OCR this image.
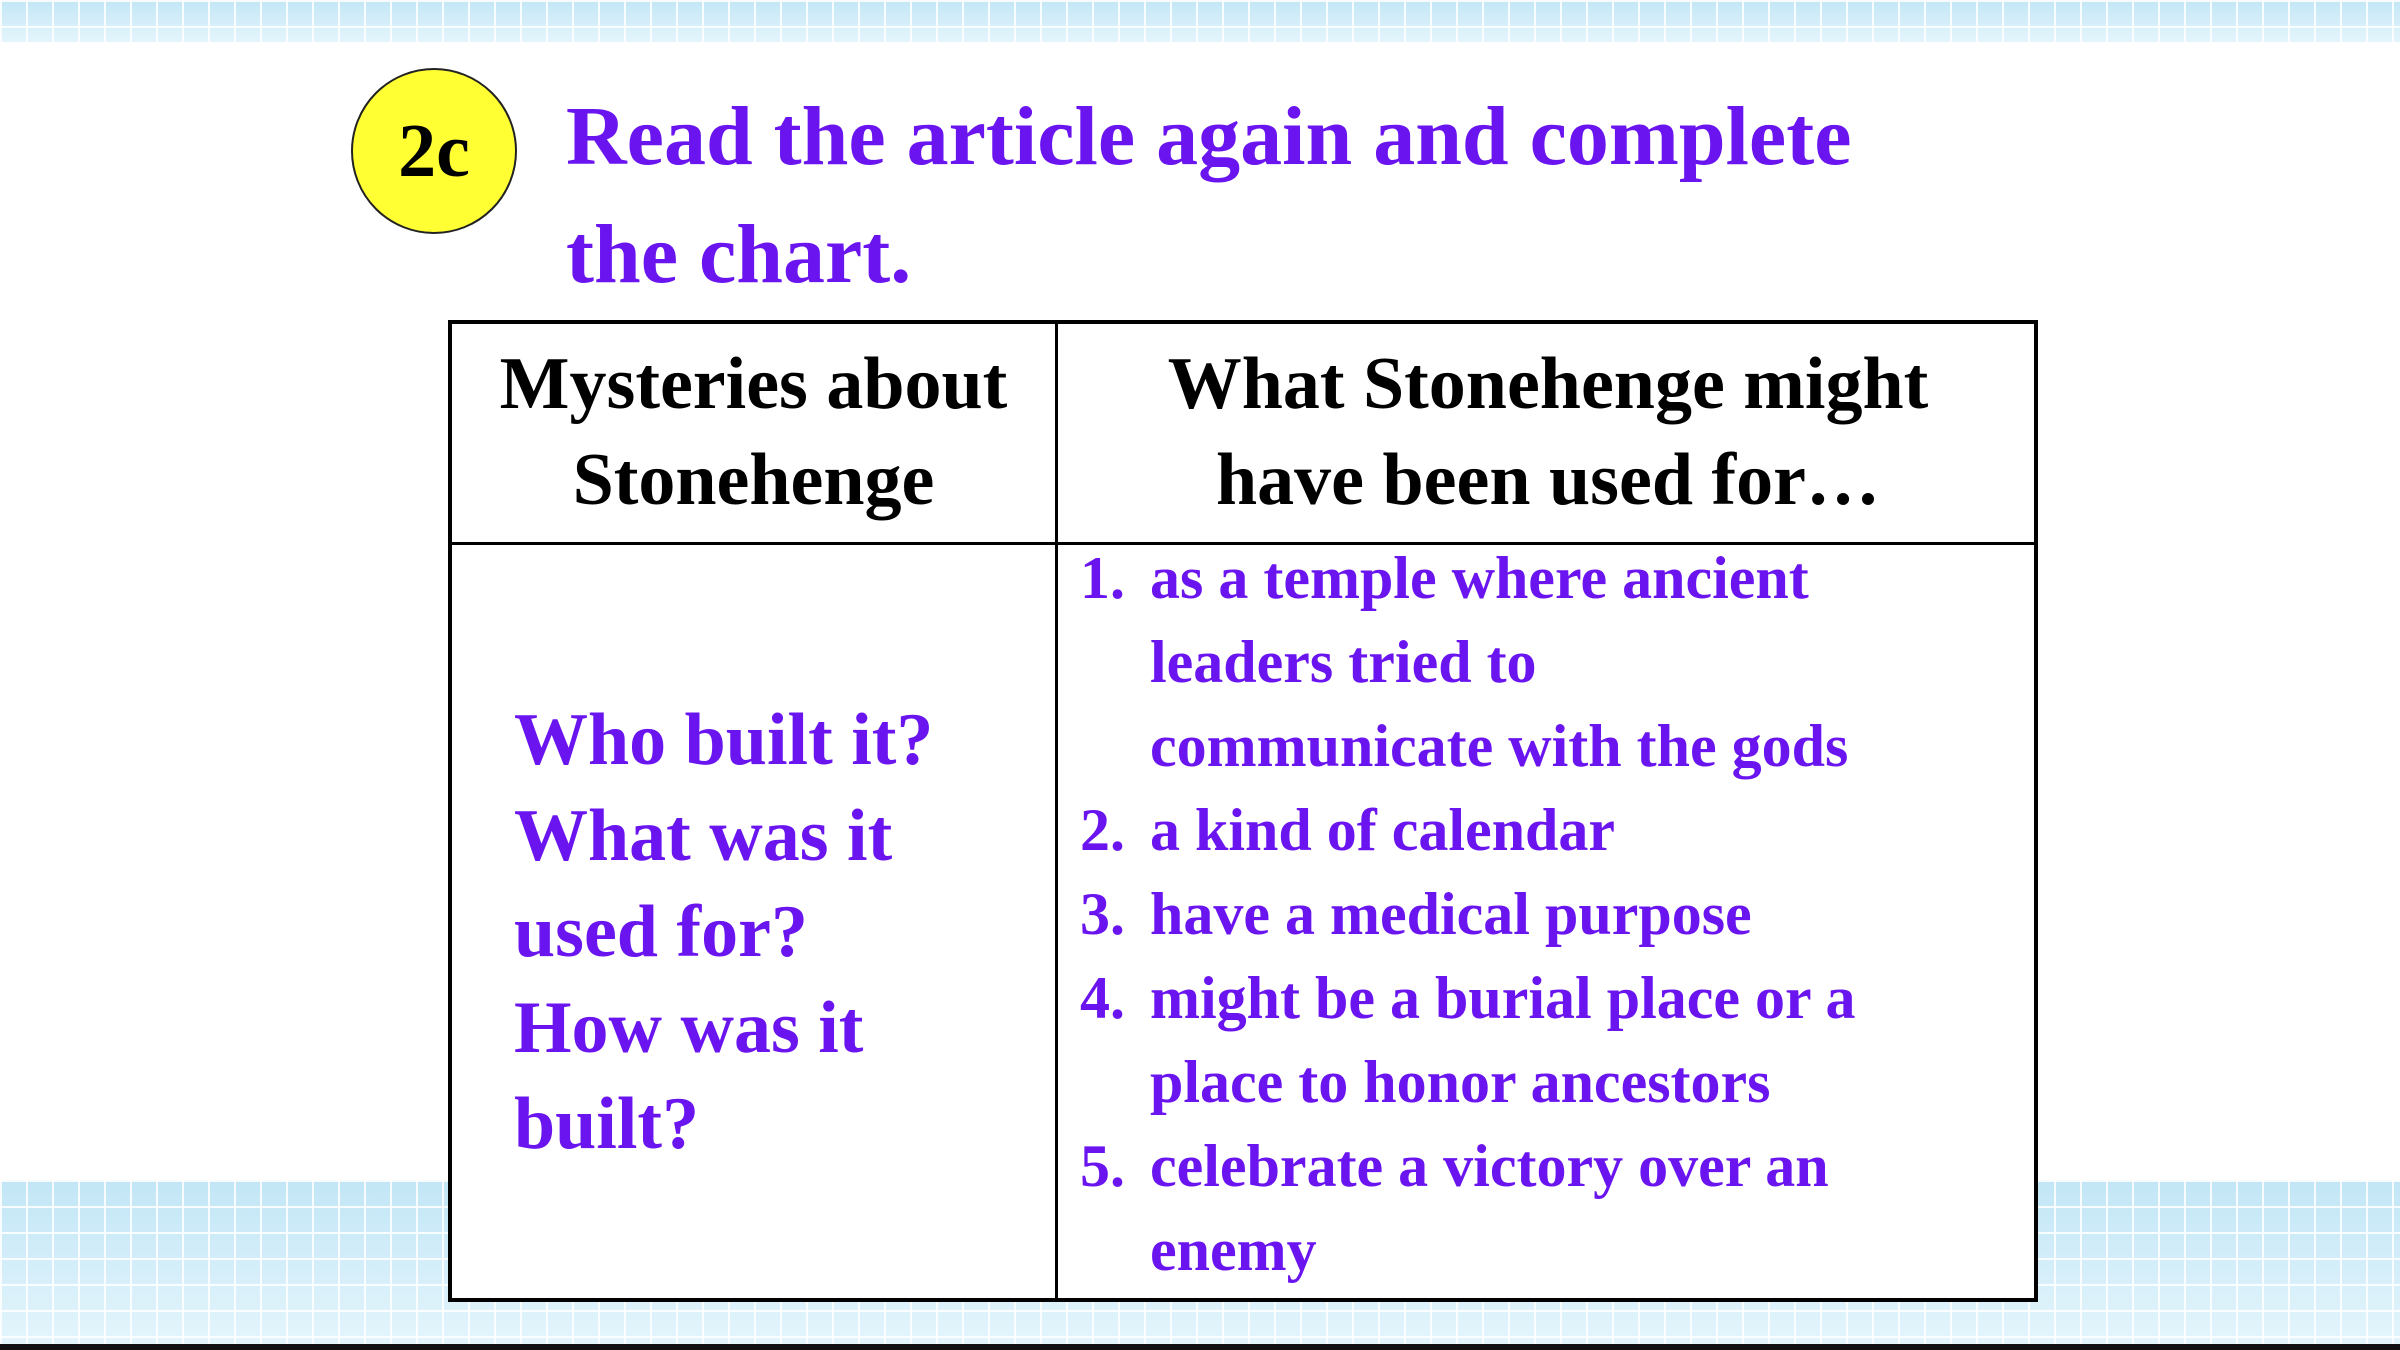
2c	Read the article again and complete
the chart.
Mysteries about
Stonehenge
What Stonehenge might
have been used for…
Who built it?
What was it
used for?
How was it
built?
1. as a temple where ancient
leaders tried to
communicate with the gods
2. a kind of calendar
3. have a medical purpose
4. might be a burial place or a
place to honor ancestors
5. celebrate a victory over an
enemy
